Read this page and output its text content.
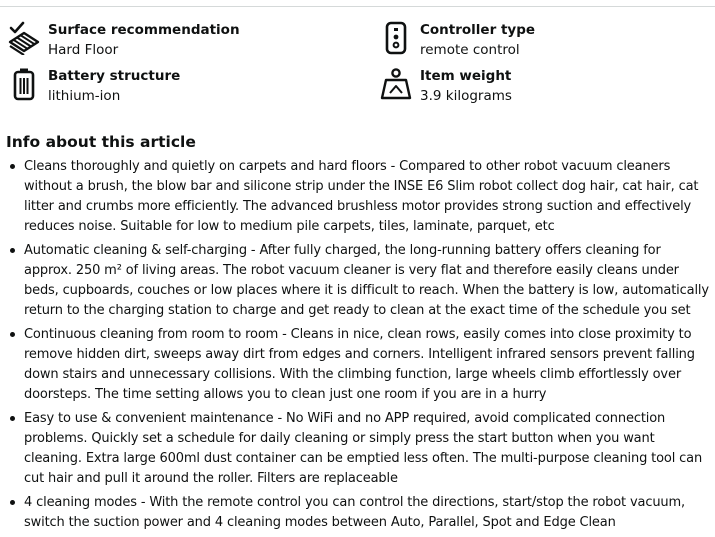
Surface recommendation
Hard Floor
Controller type
remote control
Battery structure
lithium-ion
Item weight
3.9 kilograms
Info about this article
Cleans thoroughly and quietly on carpets and hard floors - Compared to other robot vacuum cleaners without a brush, the blow bar and silicone strip under the INSE E6 Slim robot collect dog hair, cat hair, cat litter and crumbs more efficiently. The advanced brushless motor provides strong suction and effectively reduces noise. Suitable for low to medium pile carpets, tiles, laminate, parquet, etc
Automatic cleaning & self-charging - After fully charged, the long-running battery offers cleaning for approx. 250 m² of living areas. The robot vacuum cleaner is very flat and therefore easily cleans under beds, cupboards, couches or low places where it is difficult to reach. When the battery is low, automatically return to the charging station to charge and get ready to clean at the exact time of the schedule you set
Continuous cleaning from room to room - Cleans in nice, clean rows, easily comes into close proximity to remove hidden dirt, sweeps away dirt from edges and corners. Intelligent infrared sensors prevent falling down stairs and unnecessary collisions. With the climbing function, large wheels climb effortlessly over doorsteps. The time setting allows you to clean just one room if you are in a hurry
Easy to use & convenient maintenance - No WiFi and no APP required, avoid complicated connection problems. Quickly set a schedule for daily cleaning or simply press the start button when you want cleaning. Extra large 600ml dust container can be emptied less often. The multi-purpose cleaning tool can cut hair and pull it around the roller. Filters are replaceable
4 cleaning modes - With the remote control you can control the directions, start/stop the robot vacuum, switch the suction power and 4 cleaning modes between Auto, Parallel, Spot and Edge Clean
